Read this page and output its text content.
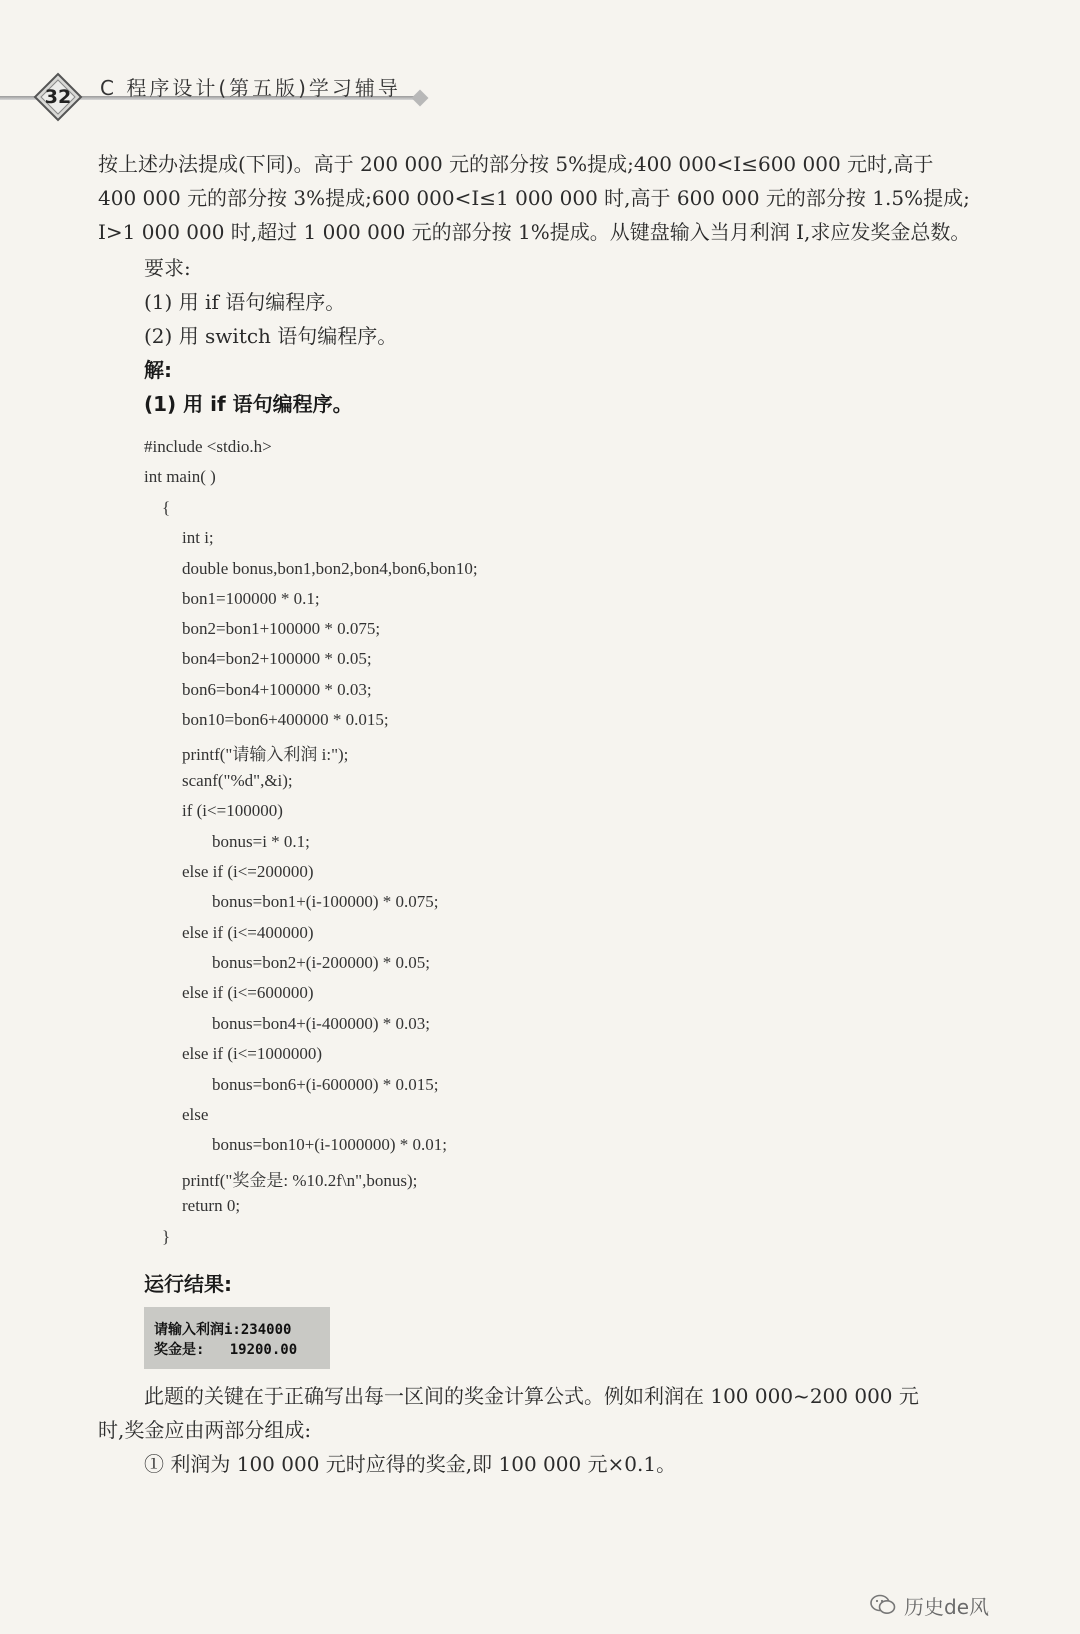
32	C 程序设计(第五版)学习辅导
按上述办法提成(下同)。高于 200 000 元的部分按 5%提成;400 000<I≤600 000 元时,高于
400 000 元的部分按 3%提成;600 000<I≤1 000 000 时,高于 600 000 元的部分按 1.5%提成;
I>1 000 000 时,超过 1 000 000 元的部分按 1%提成。从键盘输入当月利润 I,求应发奖金总数。
要求:
(1) 用 if 语句编程序。
(2) 用 switch 语句编程序。
解:
(1) 用 if 语句编程序。
#include <stdio.h>
int main( )
{
int i;
double bonus,bon1,bon2,bon4,bon6,bon10;
bon1=100000 * 0.1;
bon2=bon1+100000 * 0.075;
bon4=bon2+100000 * 0.05;
bon6=bon4+100000 * 0.03;
bon10=bon6+400000 * 0.015;
printf("请输入利润 i:");
scanf("%d",&i);
if (i<=100000)
bonus=i * 0.1;
else if (i<=200000)
bonus=bon1+(i-100000) * 0.075;
else if (i<=400000)
bonus=bon2+(i-200000) * 0.05;
else if (i<=600000)
bonus=bon4+(i-400000) * 0.03;
else if (i<=1000000)
bonus=bon6+(i-600000) * 0.015;
else
bonus=bon10+(i-1000000) * 0.01;
printf("奖金是: %10.2f\n",bonus);
return 0;
}
运行结果:
请输入利润i:234000
奖金是:   19200.00
此题的关键在于正确写出每一区间的奖金计算公式。例如利润在 100 000~200 000 元
时,奖金应由两部分组成:
① 利润为 100 000 元时应得的奖金,即 100 000 元×0.1。
历史de风
